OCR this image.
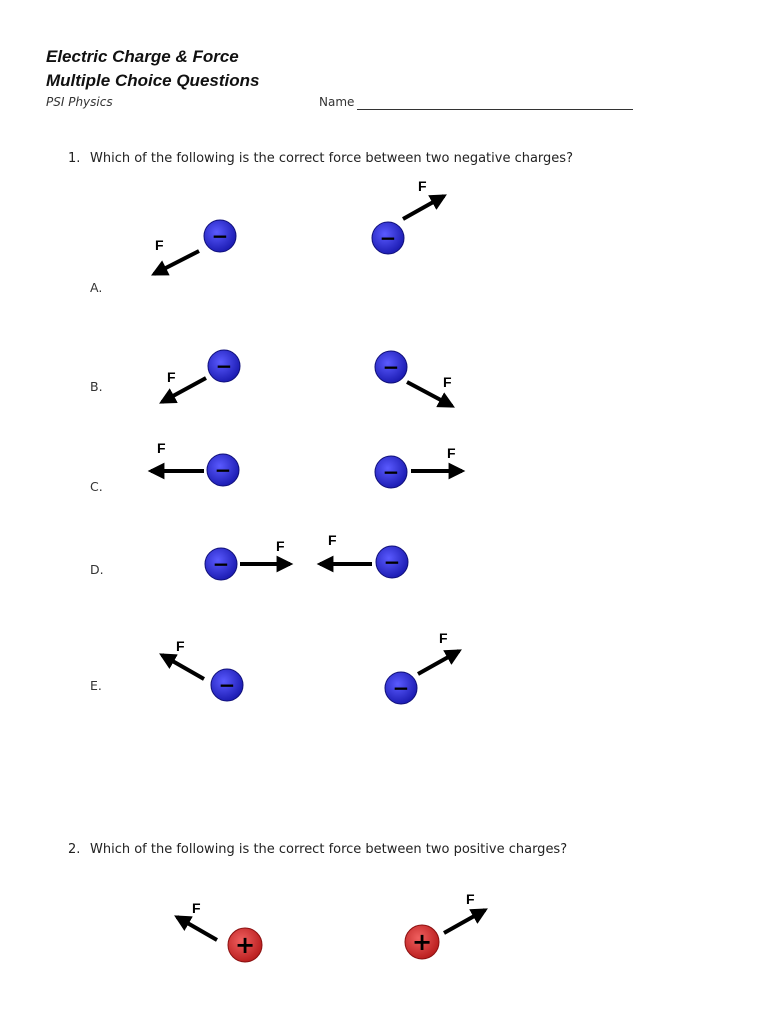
Electric Charge & Force
Multiple Choice Questions
PSI Physics	Name
1. Which of the following is the correct force between two negative charges?
A.
B.
C.
D.
E.
2. Which of the following is the correct force between two positive charges?
F −	−
F
F −	−
F
F
−	−
F
−
F	F
−
F
−	−
F
F
+	+
F
